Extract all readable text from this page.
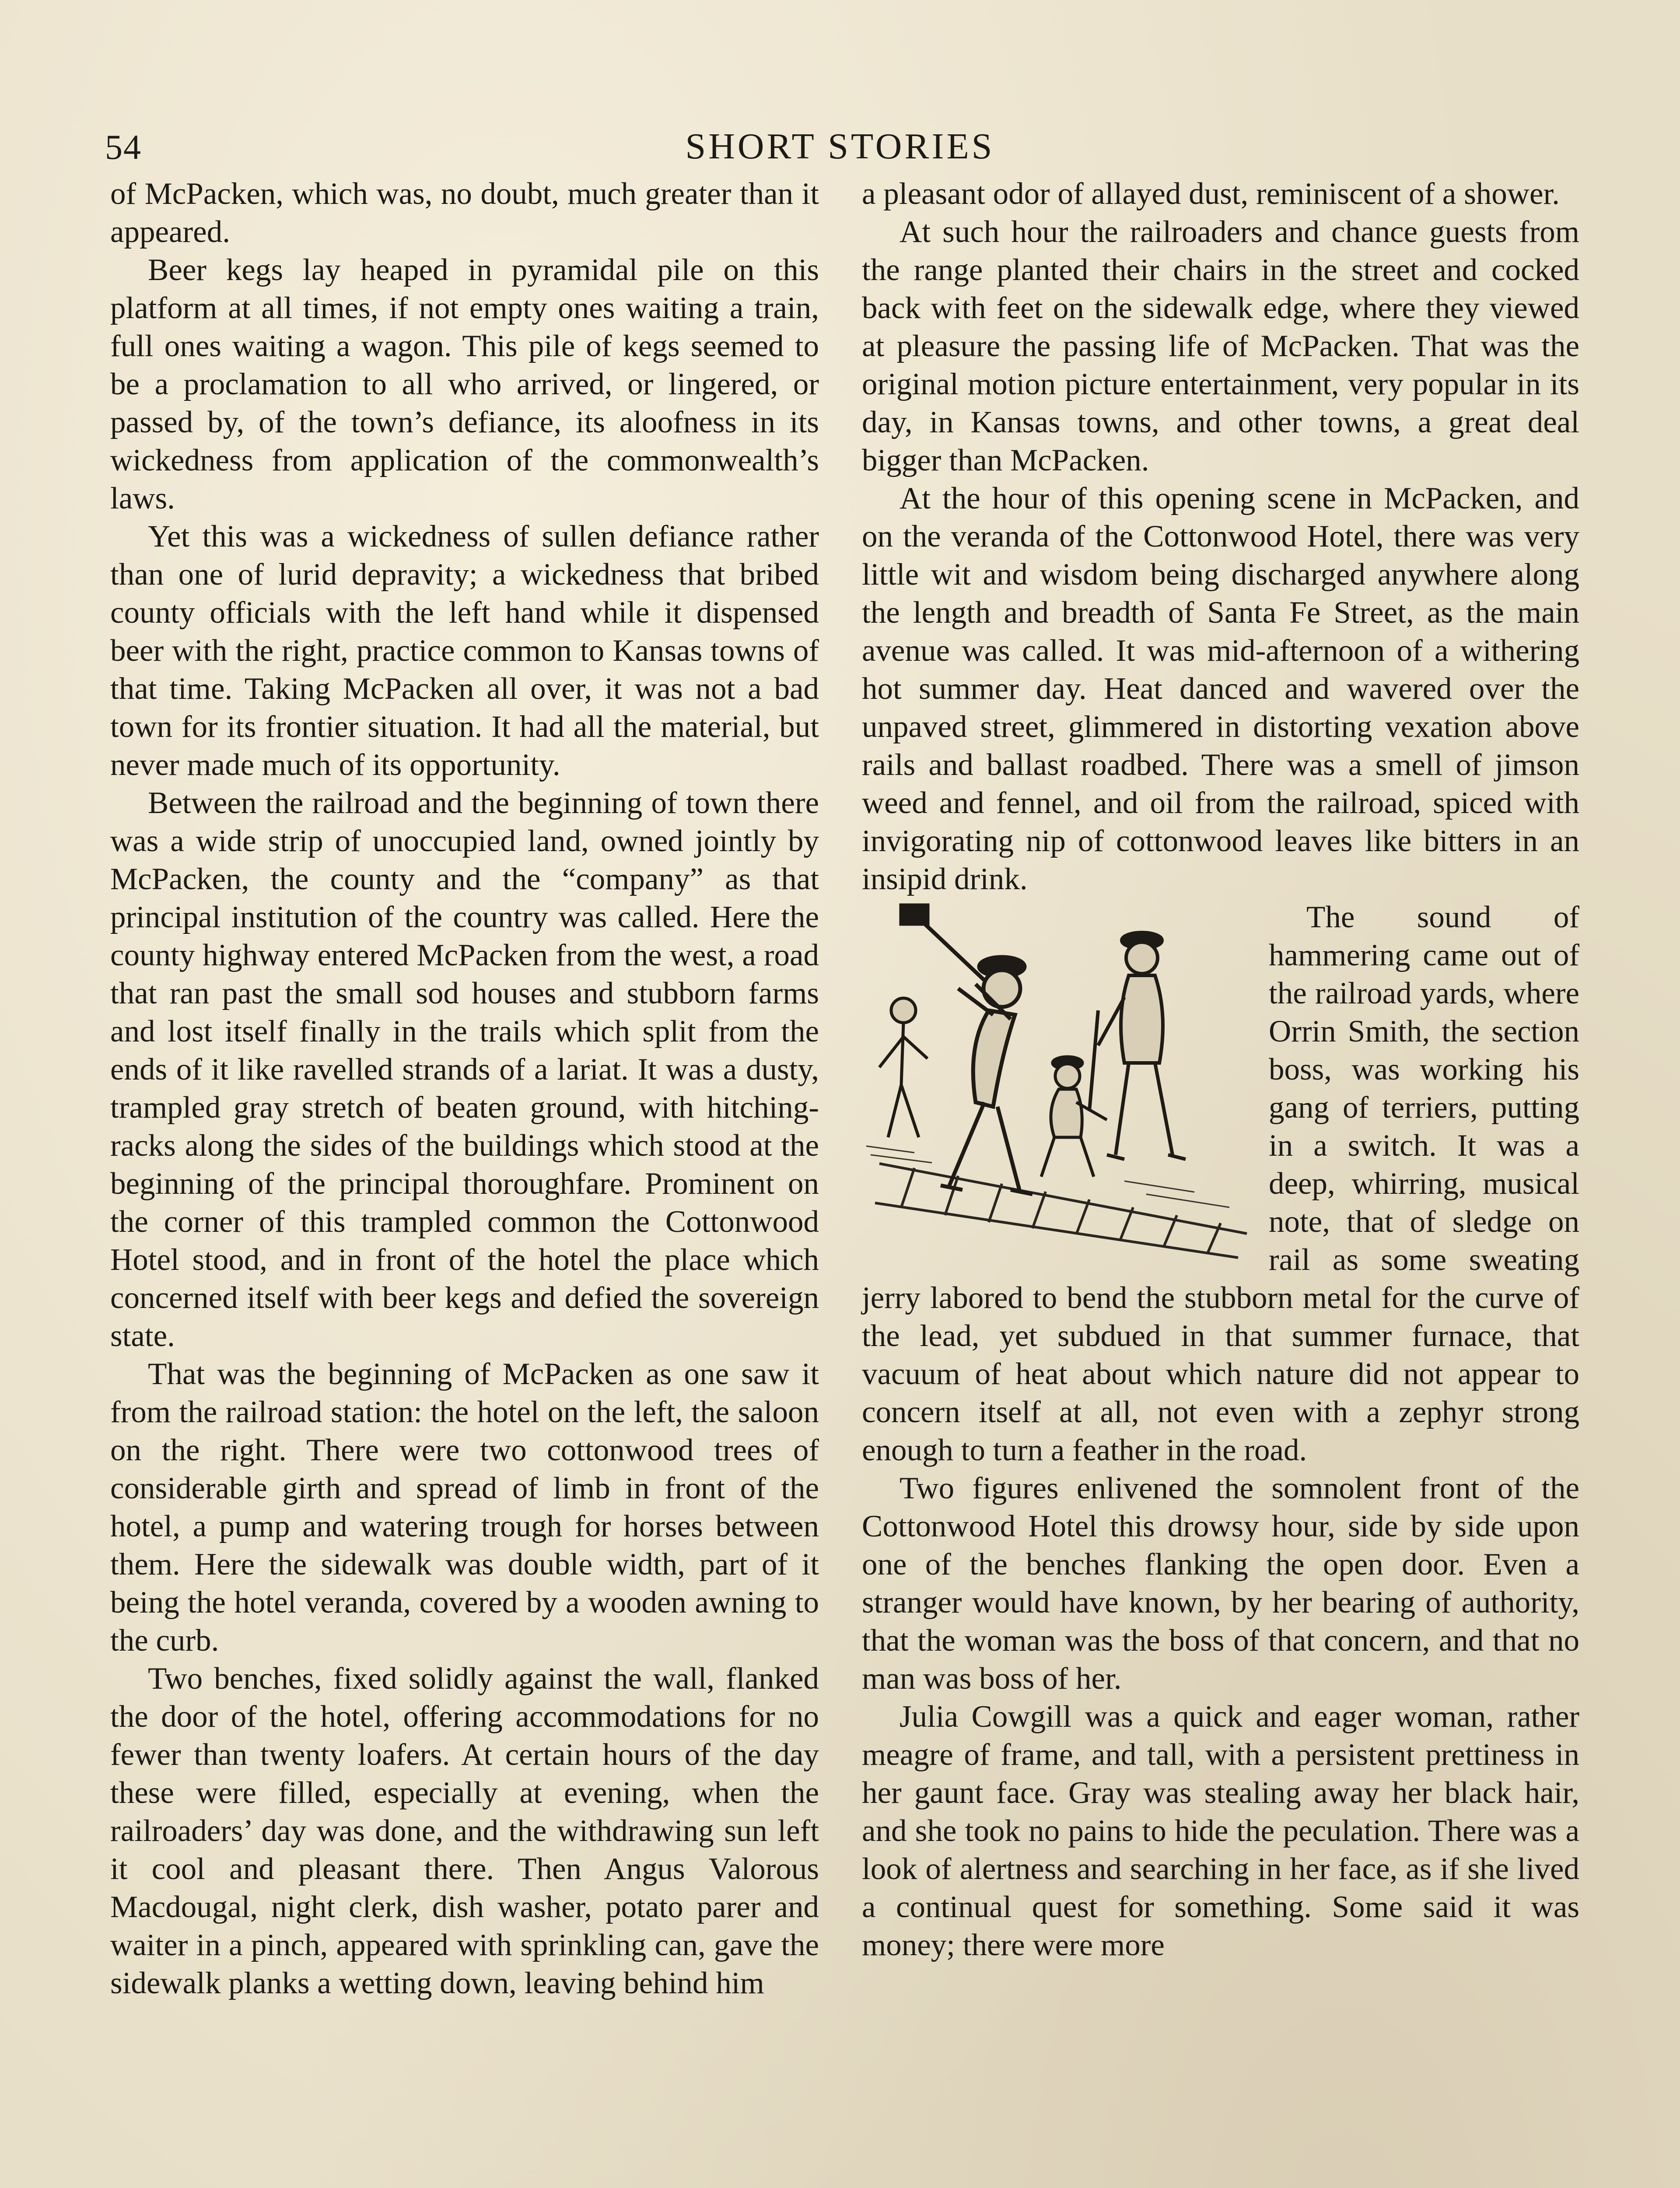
54	SHORT STORIES

of McPacken, which was, no doubt, much greater than it appeared.

Beer kegs lay heaped in pyramidal pile on this platform at all times, if not empty ones waiting a train, full ones waiting a wagon. This pile of kegs seemed to be a proclamation to all who arrived, or lingered, or passed by, of the town’s defiance, its aloofness in its wickedness from application of the commonwealth’s laws.

Yet this was a wickedness of sullen defiance rather than one of lurid depravity; a wickedness that bribed county officials with the left hand while it dispensed beer with the right, practice common to Kansas towns of that time. Taking McPacken all over, it was not a bad town for its frontier situation. It had all the material, but never made much of its opportunity.

Between the railroad and the beginning of town there was a wide strip of unoccupied land, owned jointly by McPacken, the county and the “company” as that principal institution of the country was called. Here the county highway entered McPacken from the west, a road that ran past the small sod houses and stubborn farms and lost itself finally in the trails which split from the ends of it like ravelled strands of a lariat. It was a dusty, trampled gray stretch of beaten ground, with hitching-racks along the sides of the buildings which stood at the beginning of the principal thoroughfare. Prominent on the corner of this trampled common the Cottonwood Hotel stood, and in front of the hotel the place which concerned itself with beer kegs and defied the sovereign state.

That was the beginning of McPacken as one saw it from the railroad station: the hotel on the left, the saloon on the right. There were two cottonwood trees of considerable girth and spread of limb in front of the hotel, a pump and watering trough for horses between them. Here the sidewalk was double width, part of it being the hotel veranda, covered by a wooden awning to the curb.

Two benches, fixed solidly against the wall, flanked the door of the hotel, offering accommodations for no fewer than twenty loafers. At certain hours of the day these were filled, especially at evening, when the railroaders’ day was done, and the withdrawing sun left it cool and pleasant there. Then Angus Valorous Macdougal, night clerk, dish washer, potato parer and waiter in a pinch, appeared with sprinkling can, gave the sidewalk planks a wetting down, leaving behind him

a pleasant odor of allayed dust, reminiscent of a shower.

At such hour the railroaders and chance guests from the range planted their chairs in the street and cocked back with feet on the sidewalk edge, where they viewed at pleasure the passing life of McPacken. That was the original motion picture entertainment, very popular in its day, in Kansas towns, and other towns, a great deal bigger than McPacken.

At the hour of this opening scene in McPacken, and on the veranda of the Cottonwood Hotel, there was very little wit and wisdom being discharged anywhere along the length and breadth of Santa Fe Street, as the main avenue was called. It was mid-afternoon of a withering hot summer day. Heat danced and wavered over the unpaved street, glimmered in distorting vexation above rails and ballast roadbed. There was a smell of jimson weed and fennel, and oil from the railroad, spiced with invigorating nip of cottonwood leaves like bitters in an insipid drink.

The sound of hammering came out of the railroad yards, where Orrin Smith, the section boss, was working his gang of terriers, putting in a switch. It was a deep, whirring, musical note, that of sledge on rail as some sweating jerry labored to bend the stubborn metal for the curve of the lead, yet subdued in that summer furnace, that vacuum of heat about which nature did not appear to concern itself at all, not even with a zephyr strong enough to turn a feather in the road.

Two figures enlivened the somnolent front of the Cottonwood Hotel this drowsy hour, side by side upon one of the benches flanking the open door. Even a stranger would have known, by her bearing of authority, that the woman was the boss of that concern, and that no man was boss of her.

Julia Cowgill was a quick and eager woman, rather meagre of frame, and tall, with a persistent prettiness in her gaunt face. Gray was stealing away her black hair, and she took no pains to hide the peculation. There was a look of alertness and searching in her face, as if she lived a continual quest for something. Some said it was money; there were more
